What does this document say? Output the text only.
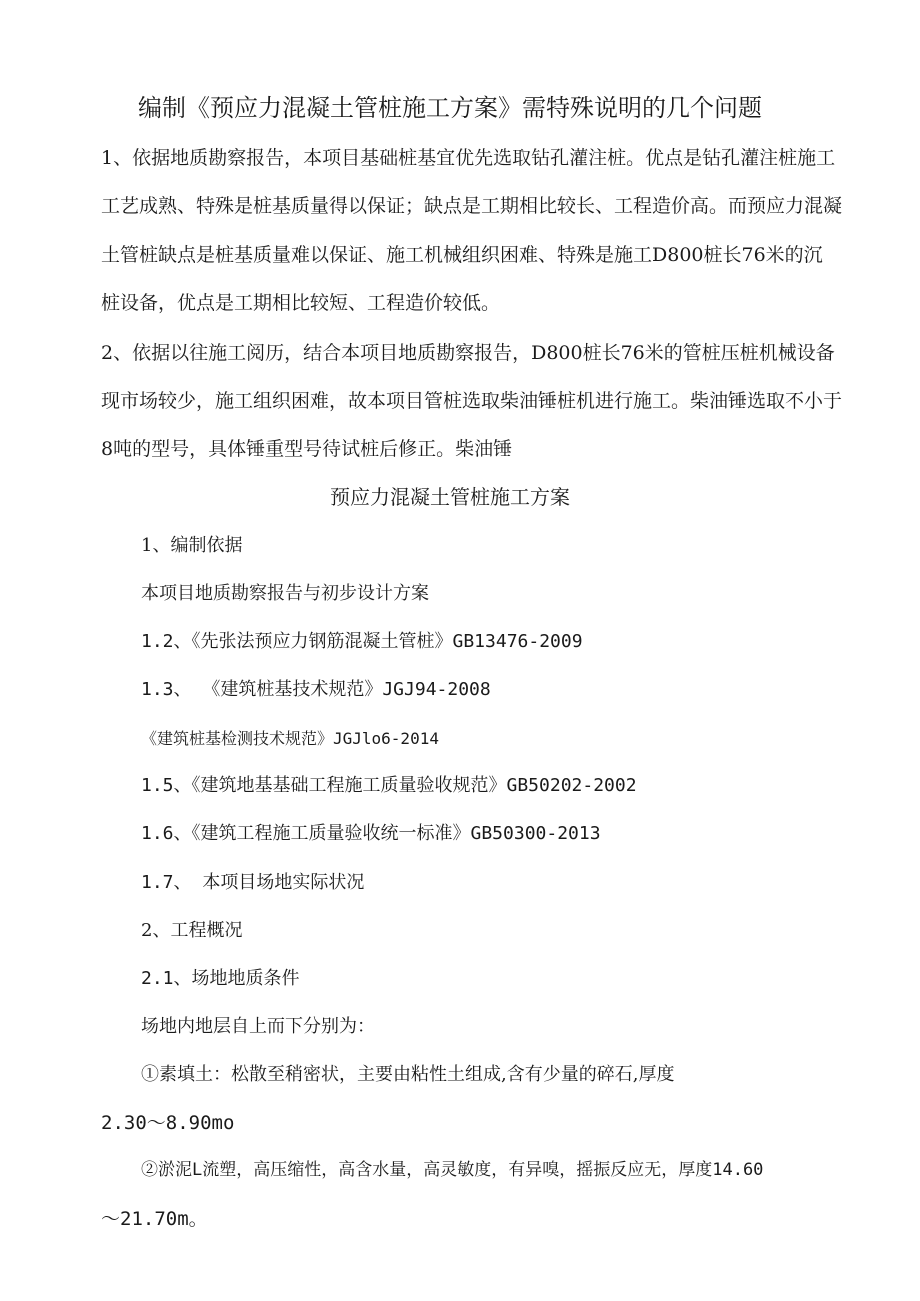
编制《预应力混凝土管桩施工方案》需特殊说明的几个问题
1、依据地质勘察报告，本项目基础桩基宜优先选取钻孔灌注桩。优点是钻孔灌注桩施工
工艺成熟、特殊是桩基质量得以保证；缺点是工期相比较长、工程造价高。而预应力混凝
土管桩缺点是桩基质量难以保证、施工机械组织困难、特殊是施工D800桩长76米的沉
桩设备，优点是工期相比较短、工程造价较低。
2、依据以往施工阅历，结合本项目地质勘察报告，D800桩长76米的管桩压桩机械设备
现市场较少，施工组织困难，故本项目管桩选取柴油锤桩机进行施工。柴油锤选取不小于
8吨的型号，具体锤重型号待试桩后修正。柴油锤
预应力混凝土管桩施工方案
1、编制依据
本项目地质勘察报告与初步设计方案
1.2、《先张法预应力钢筋混凝土管桩》GB13476-2009
1.3、 《建筑桩基技术规范》JGJ94-2008
《建筑桩基检测技术规范》JGJlo6-2014
1.5、《建筑地基基础工程施工质量验收规范》GB50202-2002
1.6、《建筑工程施工质量验收统一标准》GB50300-2013
1.7、 本项目场地实际状况
2、工程概况
2.1、场地地质条件
场地内地层自上而下分别为：
①素填土：松散至稍密状，主要由粘性土组成,含有少量的碎石,厚度
2.30～8.90mo
②淤泥L流塑，高压缩性，高含水量，高灵敏度，有异嗅，摇振反应无，厚度14.60
～21.70m。
